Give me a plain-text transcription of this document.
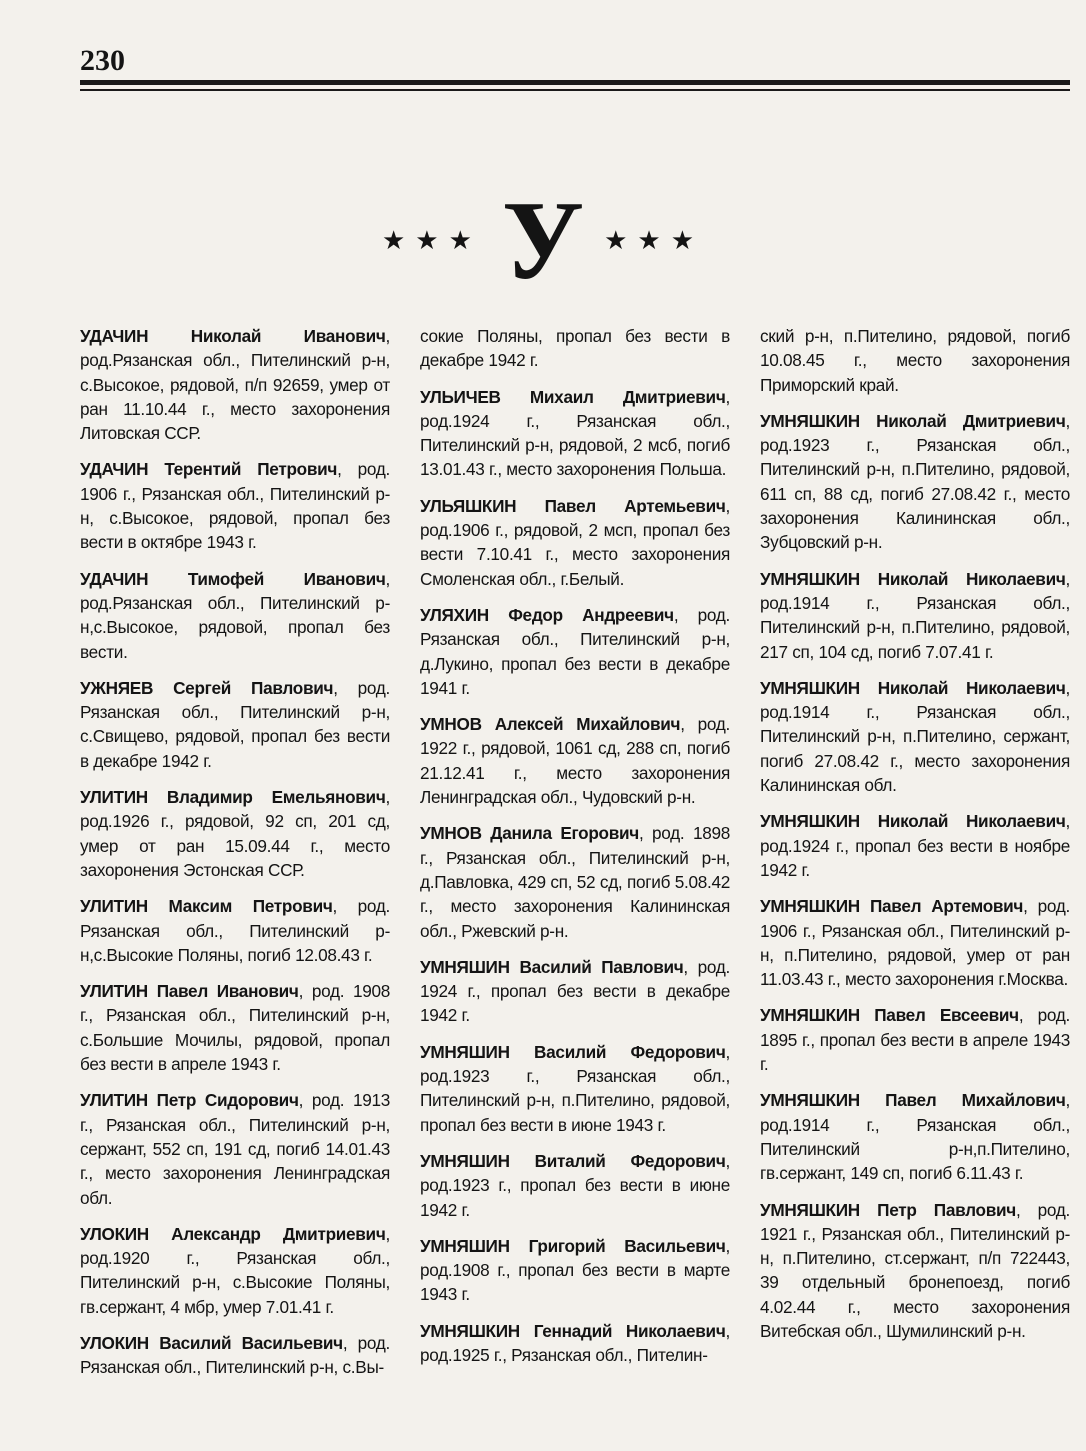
230
★★★ У ★★★

УДАЧИН Николай Иванович, род.Рязанская обл., Пителинский р-н, с.Высокое, рядовой, п/п 92659, умер от ран 11.10.44 г., место захоронения Литовская ССР.

УДАЧИН Терентий Петрович, род. 1906 г., Рязанская обл., Пителинский р-н, с.Высокое, рядовой, пропал без вести в октябре 1943 г.

УДАЧИН Тимофей Иванович, род.Рязанская обл., Пителинский р-н,с.Высокое, рядовой, пропал без вести.

УЖНЯЕВ Сергей Павлович, род. Рязанская обл., Пителинский р-н, с.Свищево, рядовой, пропал без вести в декабре 1942 г.

УЛИТИН Владимир Емельянович, род.1926 г., рядовой, 92 сп, 201 сд, умер от ран 15.09.44 г., место захоронения Эстонская ССР.

УЛИТИН Максим Петрович, род. Рязанская обл., Пителинский р-н,с.Высокие Поляны, погиб 12.08.43 г.

УЛИТИН Павел Иванович, род. 1908 г., Рязанская обл., Пителинский р-н, с.Большие Мочилы, рядовой, пропал без вести в апреле 1943 г.

УЛИТИН Петр Сидорович, род. 1913 г., Рязанская обл., Пителинский р-н, сержант, 552 сп, 191 сд, погиб 14.01.43 г., место захоронения Ленинградская обл.

УЛОКИН Александр Дмитриевич, род.1920 г., Рязанская обл., Пителинский р-н, с.Высокие Поляны, гв.сержант, 4 мбр, умер 7.01.41 г.

УЛОКИН Василий Васильевич, род. Рязанская обл., Пителинский р-н, с.Вы-

сокие Поляны, пропал без вести в декабре 1942 г.

УЛЬИЧЕВ Михаил Дмитриевич, род.1924 г., Рязанская обл., Пителинский р-н, рядовой, 2 мсб, погиб 13.01.43 г., место захоронения Польша.

УЛЬЯШКИН Павел Артемьевич, род.1906 г., рядовой, 2 мсп, пропал без вести 7.10.41 г., место захоронения Смоленская обл., г.Белый.

УЛЯХИН Федор Андреевич, род. Рязанская обл., Пителинский р-н, д.Лукино, пропал без вести в декабре 1941 г.

УМНОВ Алексей Михайлович, род. 1922 г., рядовой, 1061 сд, 288 сп, погиб 21.12.41 г., место захоронения Ленинградская обл., Чудовский р-н.

УМНОВ Данила Егорович, род. 1898 г., Рязанская обл., Пителинский р-н, д.Павловка, 429 сп, 52 сд, погиб 5.08.42 г., место захоронения Калининская обл., Ржевский р-н.

УМНЯШИН Василий Павлович, род. 1924 г., пропал без вести в декабре 1942 г.

УМНЯШИН Василий Федорович, род.1923 г., Рязанская обл., Пителинский р-н, п.Пителино, рядовой, пропал без вести в июне 1943 г.

УМНЯШИН Виталий Федорович, род.1923 г., пропал без вести в июне 1942 г.

УМНЯШИН Григорий Васильевич, род.1908 г., пропал без вести в марте 1943 г.

УМНЯШКИН Геннадий Николаевич, род.1925 г., Рязанская обл., Пителин-

ский р-н, п.Пителино, рядовой, погиб 10.08.45 г., место захоронения Приморский край.

УМНЯШКИН Николай Дмитриевич, род.1923 г., Рязанская обл., Пителинский р-н, п.Пителино, рядовой, 611 сп, 88 сд, погиб 27.08.42 г., место захоронения Калининская обл., Зубцовский р-н.

УМНЯШКИН Николай Николаевич, род.1914 г., Рязанская обл., Пителинский р-н, п.Пителино, рядовой, 217 сп, 104 сд, погиб 7.07.41 г.

УМНЯШКИН Николай Николаевич, род.1914 г., Рязанская обл., Пителинский р-н, п.Пителино, сержант, погиб 27.08.42 г., место захоронения Калининская обл.

УМНЯШКИН Николай Николаевич, род.1924 г., пропал без вести в ноябре 1942 г.

УМНЯШКИН Павел Артемович, род. 1906 г., Рязанская обл., Пителинский р-н, п.Пителино, рядовой, умер от ран 11.03.43 г., место захоронения г.Москва.

УМНЯШКИН Павел Евсеевич, род. 1895 г., пропал без вести в апреле 1943 г.

УМНЯШКИН Павел Михайлович, род.1914 г., Рязанская обл., Пителинский р-н,п.Пителино, гв.сержант, 149 сп, погиб 6.11.43 г.

УМНЯШКИН Петр Павлович, род. 1921 г., Рязанская обл., Пителинский р-н, п.Пителино, ст.сержант, п/п 722443, 39 отдельный бронепоезд, погиб 4.02.44 г., место захоронения Витебская обл., Шумилинский р-н.
